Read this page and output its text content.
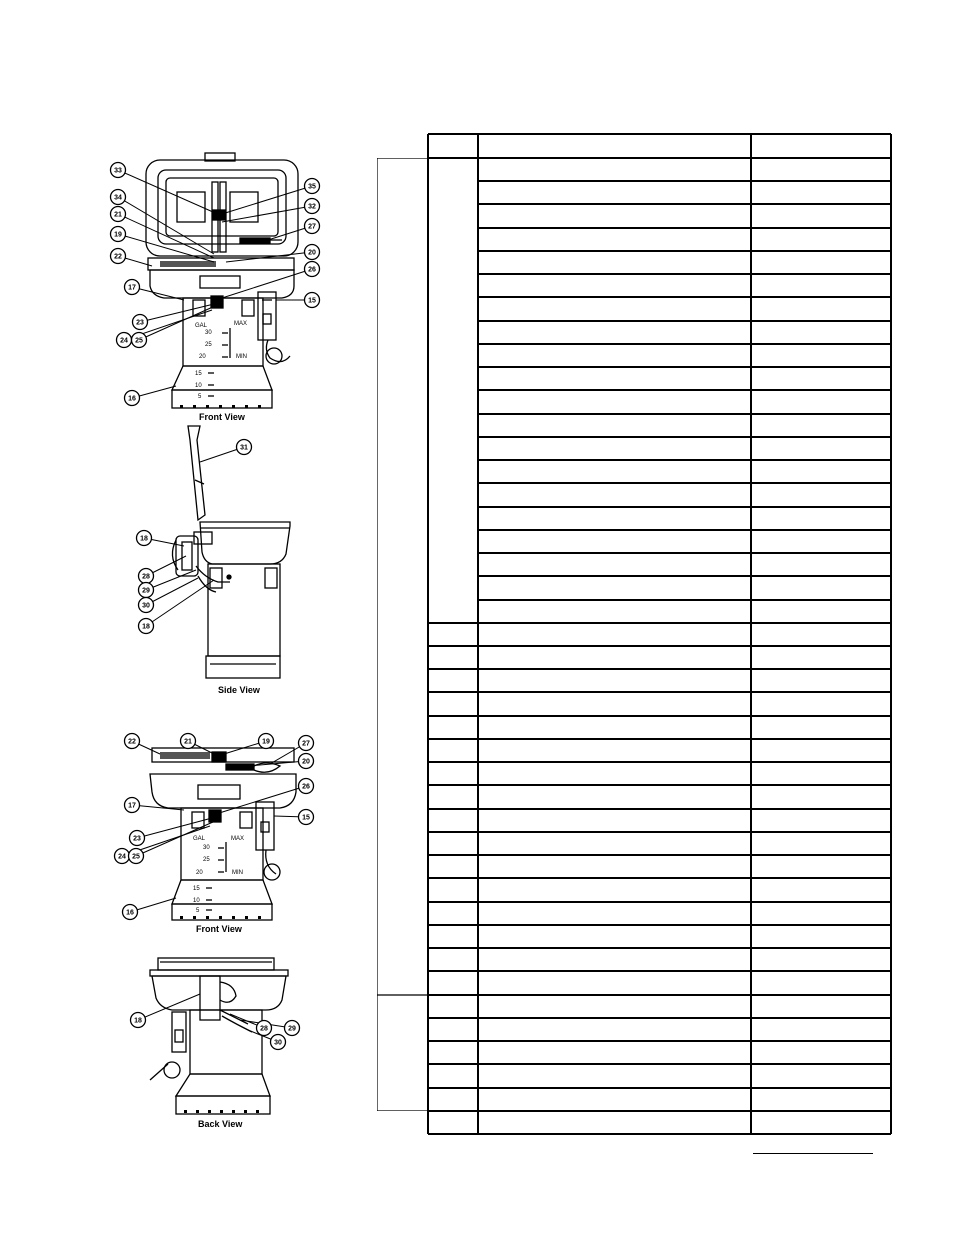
GAL	MAX
30
25
20	MIN
15
10
5
GAL	MAX
30
25
20	MIN
15
10
5
33
35
34
32
21
27
19
20
22
26
17
15
23
24 25
16
31
18
28
29
30
18
22	21	19	27
20
26
17
15
23
24 25
16
18
28	29
30
Front View
Side View
Front View
Back View
